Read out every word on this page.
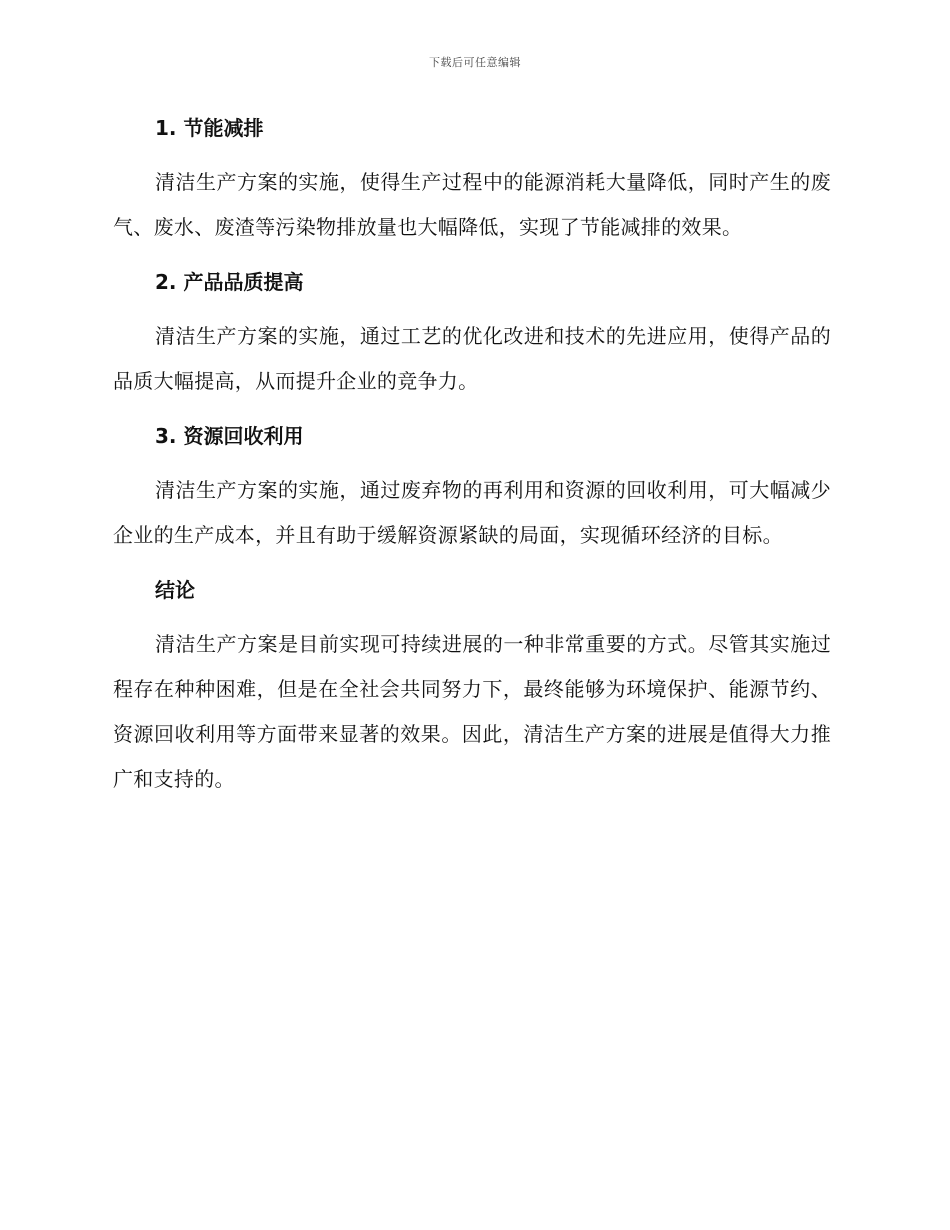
下载后可任意编辑
1. 节能减排

清洁生产方案的实施，使得生产过程中的能源消耗大量降低，同时产生的废气、废水、废渣等污染物排放量也大幅降低，实现了节能减排的效果。

2. 产品品质提高

清洁生产方案的实施，通过工艺的优化改进和技术的先进应用，使得产品的品质大幅提高，从而提升企业的竞争力。

3. 资源回收利用

清洁生产方案的实施，通过废弃物的再利用和资源的回收利用，可大幅减少企业的生产成本，并且有助于缓解资源紧缺的局面，实现循环经济的目标。

结论

清洁生产方案是目前实现可持续进展的一种非常重要的方式。尽管其实施过程存在种种困难，但是在全社会共同努力下，最终能够为环境保护、能源节约、资源回收利用等方面带来显著的效果。因此，清洁生产方案的进展是值得大力推广和支持的。
